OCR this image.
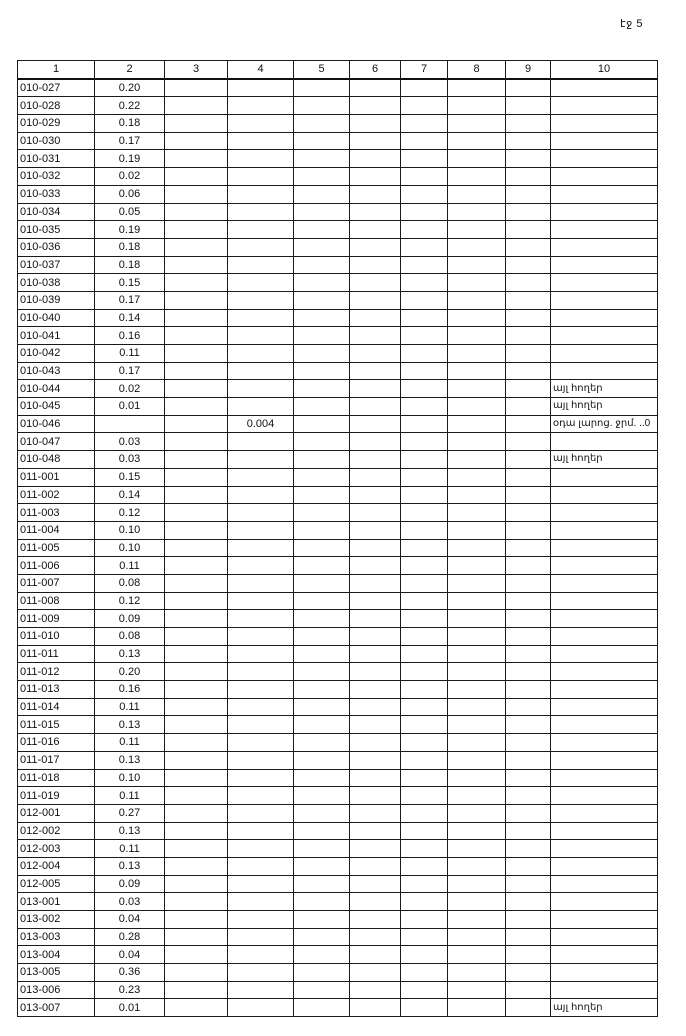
էջ 5
1	2	3	4	5	6	7	8	9	10
010-027	0.20								
010-028	0.22								
010-029	0.18								
010-030	0.17								
010-031	0.19								
010-032	0.02								
010-033	0.06								
010-034	0.05								
010-035	0.19								
010-036	0.18								
010-037	0.18								
010-038	0.15								
010-039	0.17								
010-040	0.14								
010-041	0.16								
010-042	0.11								
010-043	0.17								
010-044	0.02								այլ հողեր
010-045	0.01								այլ հողեր
010-046			0.004						օդա լարոց. ջրմ. ..0
010-047	0.03								
010-048	0.03								այլ հողեր
011-001	0.15								
011-002	0.14								
011-003	0.12								
011-004	0.10								
011-005	0.10								
011-006	0.11								
011-007	0.08								
011-008	0.12								
011-009	0.09								
011-010	0.08								
011-011	0.13								
011-012	0.20								
011-013	0.16								
011-014	0.11								
011-015	0.13								
011-016	0.11								
011-017	0.13								
011-018	0.10								
011-019	0.11								
012-001	0.27								
012-002	0.13								
012-003	0.11								
012-004	0.13								
012-005	0.09								
013-001	0.03								
013-002	0.04								
013-003	0.28								
013-004	0.04								
013-005	0.36								
013-006	0.23								
013-007	0.01								այլ հողեր
